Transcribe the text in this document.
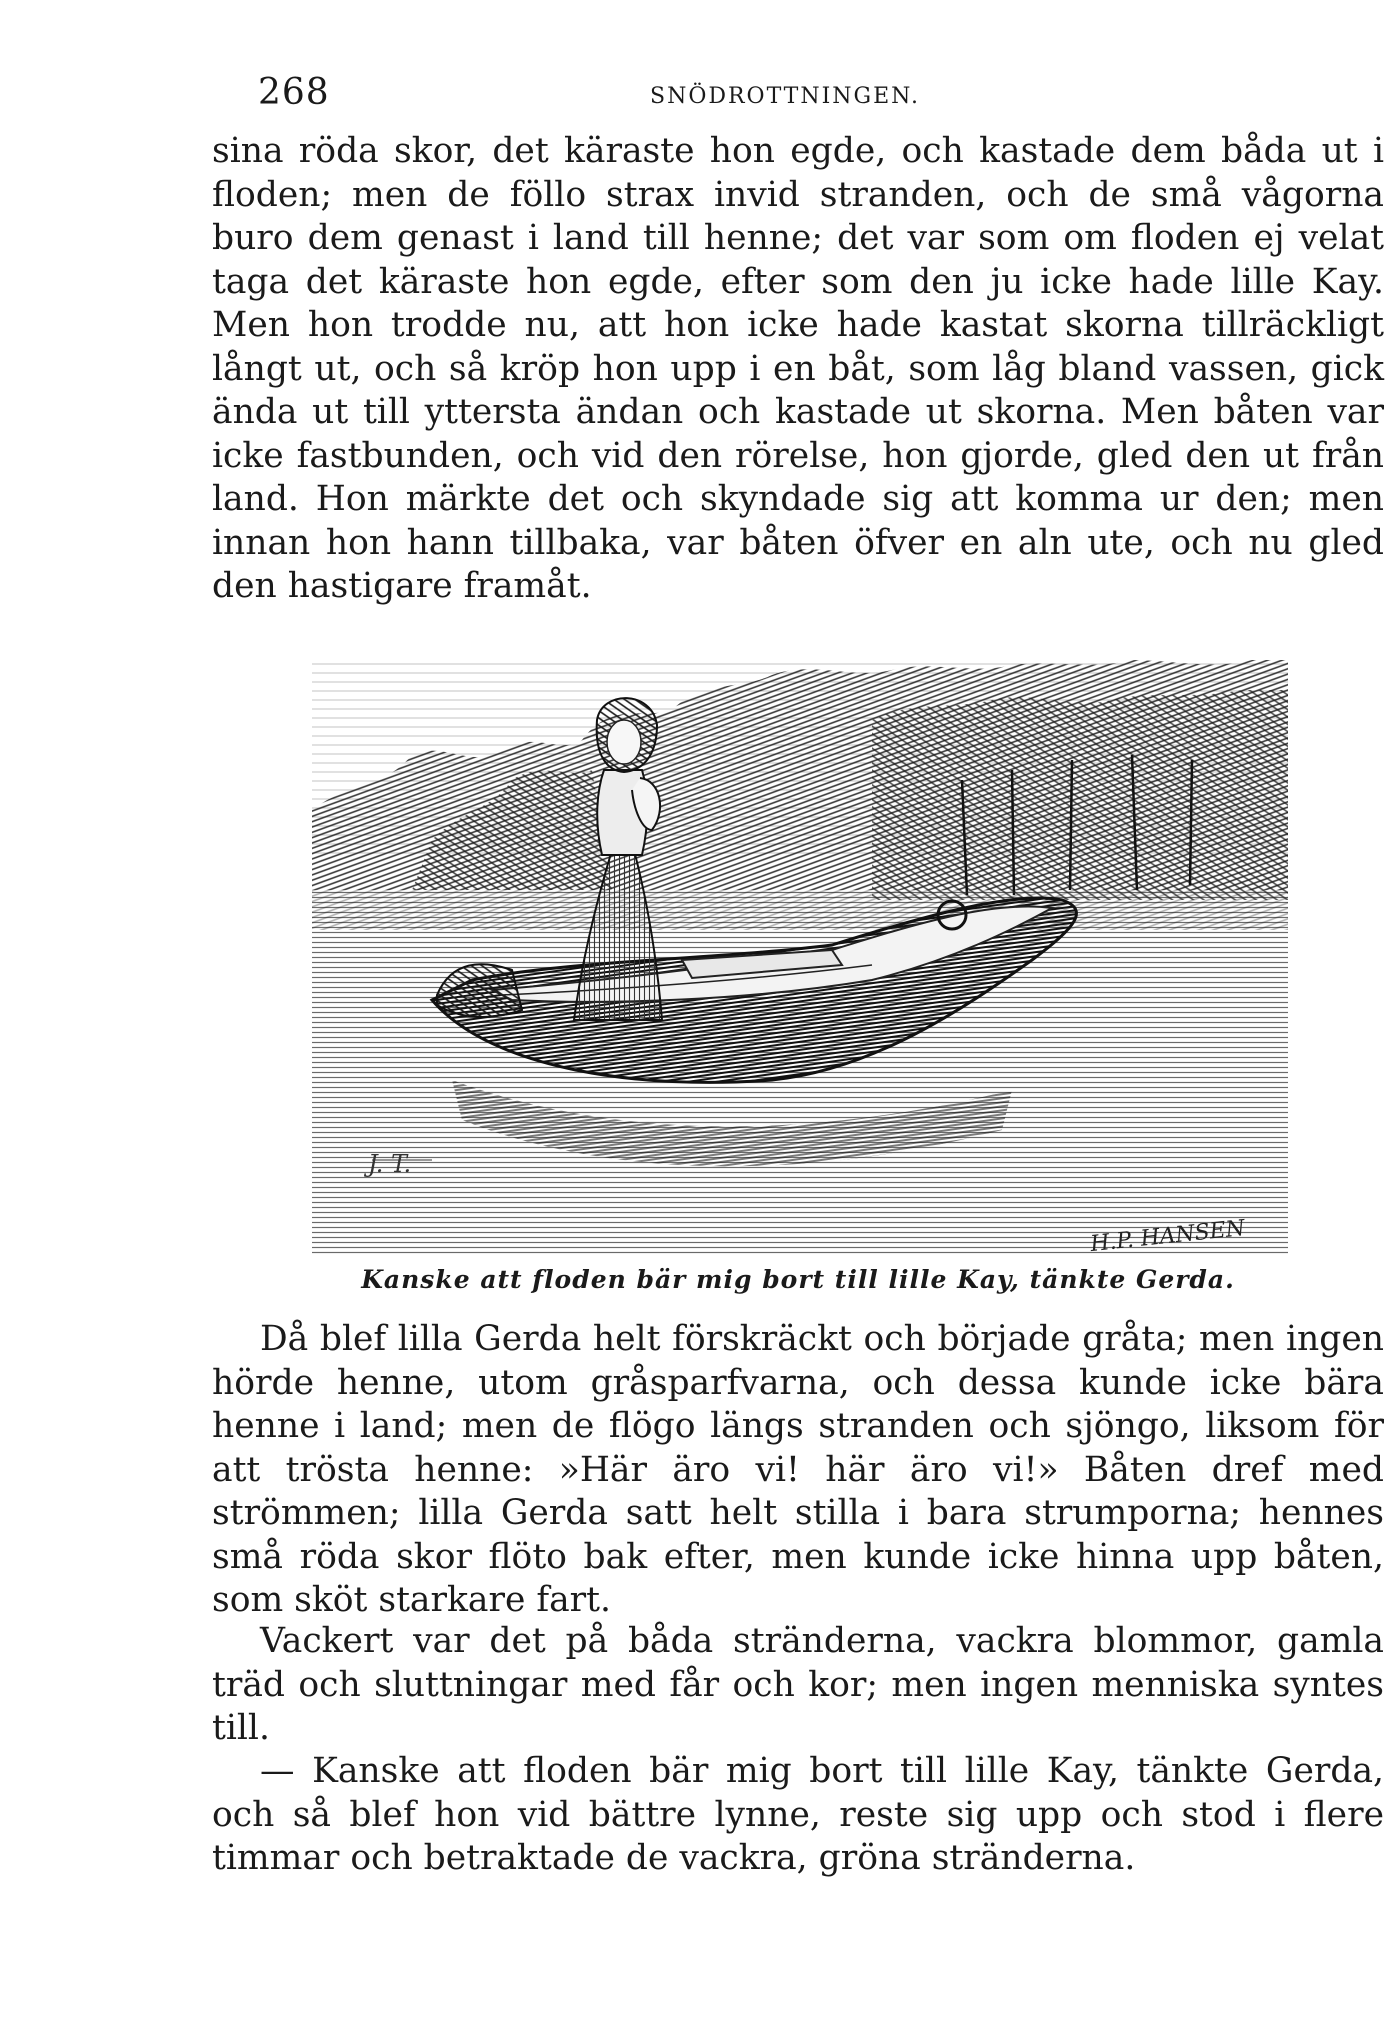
268	SNÖDROTTNINGEN.

sina röda skor, det käraste hon egde, och kastade dem båda ut i floden; men de föllo strax invid stranden, och de små vågorna buro dem genast i land till henne; det var som om floden ej velat taga det käraste hon egde, efter som den ju icke hade lille Kay. Men hon trodde nu, att hon icke hade kastat skorna tillräckligt långt ut, och så kröp hon upp i en båt, som låg bland vassen, gick ända ut till yttersta ändan och kastade ut skorna. Men båten var icke fastbunden, och vid den rörelse, hon gjorde, gled den ut från land. Hon märkte det och skyndade sig att komma ur den; men innan hon hann tillbaka, var båten öfver en aln ute, och nu gled den hastigare framåt.

J. T.
H.P. HANSEN
Kanske att floden bär mig bort till lille Kay, tänkte Gerda.

Då blef lilla Gerda helt förskräckt och började gråta; men ingen hörde henne, utom gråsparfvarna, och dessa kunde icke bära henne i land; men de flögo längs stranden och sjöngo, liksom för att trösta henne: »Här äro vi! här äro vi!» Båten dref med strömmen; lilla Gerda satt helt stilla i bara strumporna; hennes små röda skor flöto bak efter, men kunde icke hinna upp båten, som sköt starkare fart.

Vackert var det på båda stränderna, vackra blommor, gamla träd och sluttningar med får och kor; men ingen menniska syntes till.

— Kanske att floden bär mig bort till lille Kay, tänkte Gerda, och så blef hon vid bättre lynne, reste sig upp och stod i flere timmar och betraktade de vackra, gröna stränderna.
